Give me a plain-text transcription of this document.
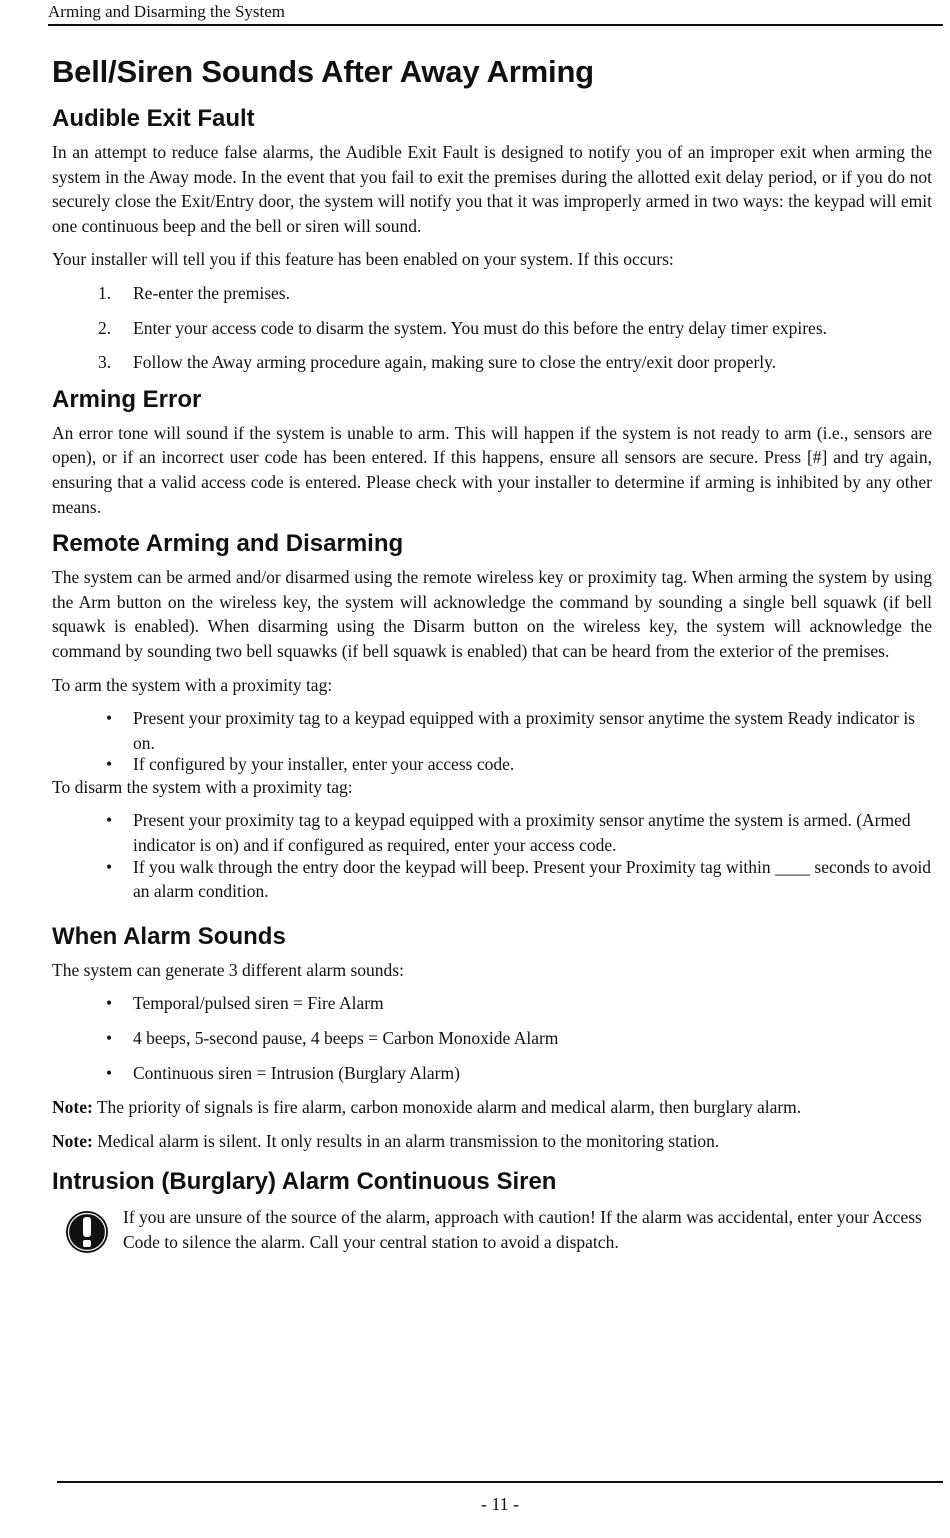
Arming and Disarming the System
Bell/Siren Sounds After Away Arming
Audible Exit Fault

In an attempt to reduce false alarms, the Audible Exit Fault is designed to notify you of an improper exit when arming the system in the Away mode. In the event that you fail to exit the premises during the allotted exit delay period, or if you do not securely close the Exit/Entry door, the system will notify you that it was improperly armed in two ways: the keypad will emit one continuous beep and the bell or siren will sound.

Your installer will tell you if this feature has been enabled on your system. If this occurs:

1.	Re-enter the premises.
2.	Enter your access code to disarm the system. You must do this before the entry delay timer expires.
3.	Follow the Away arming procedure again, making sure to close the entry/exit door properly.
Arming Error

An error tone will sound if the system is unable to arm. This will happen if the system is not ready to arm (i.e., sensors are open), or if an incorrect user code has been entered. If this happens, ensure all sensors are secure. Press [#] and try again, ensuring that a valid access code is entered. Please check with your installer to determine if arming is inhibited by any other means.

Remote Arming and Disarming

The system can be armed and/or disarmed using the remote wireless key or proximity tag. When arming the system by using the Arm button on the wireless key, the system will acknowledge the command by sounding a single bell squawk (if bell squawk is enabled). When disarming using the Disarm button on the wireless key, the system will acknowledge the command by sounding two bell squawks (if bell squawk is enabled) that can be heard from the exterior of the premises.

To arm the system with a proximity tag:

• Present your proximity tag to a keypad equipped with a proximity sensor anytime the system Ready indicator is on.
• If configured by your installer, enter your access code.

To disarm the system with a proximity tag:

• Present your proximity tag to a keypad equipped with a proximity sensor anytime the system is armed. (Armed indicator is on) and if configured as required, enter your access code.
• If you walk through the entry door the keypad will beep. Present your Proximity tag within ____ seconds to avoid an alarm condition.
When Alarm Sounds

The system can generate 3 different alarm sounds:

• Temporal/pulsed siren = Fire Alarm
• 4 beeps, 5-second pause, 4 beeps = Carbon Monoxide Alarm
• Continuous siren = Intrusion (Burglary Alarm)

Note: The priority of signals is fire alarm, carbon monoxide alarm and medical alarm, then burglary alarm.

Note: Medical alarm is silent. It only results in an alarm transmission to the monitoring station.

Intrusion (Burglary) Alarm Continuous Siren

If you are unsure of the source of the alarm, approach with caution! If the alarm was accidental, enter your Access Code to silence the alarm. Call your central station to avoid a dispatch.

- 11 -
